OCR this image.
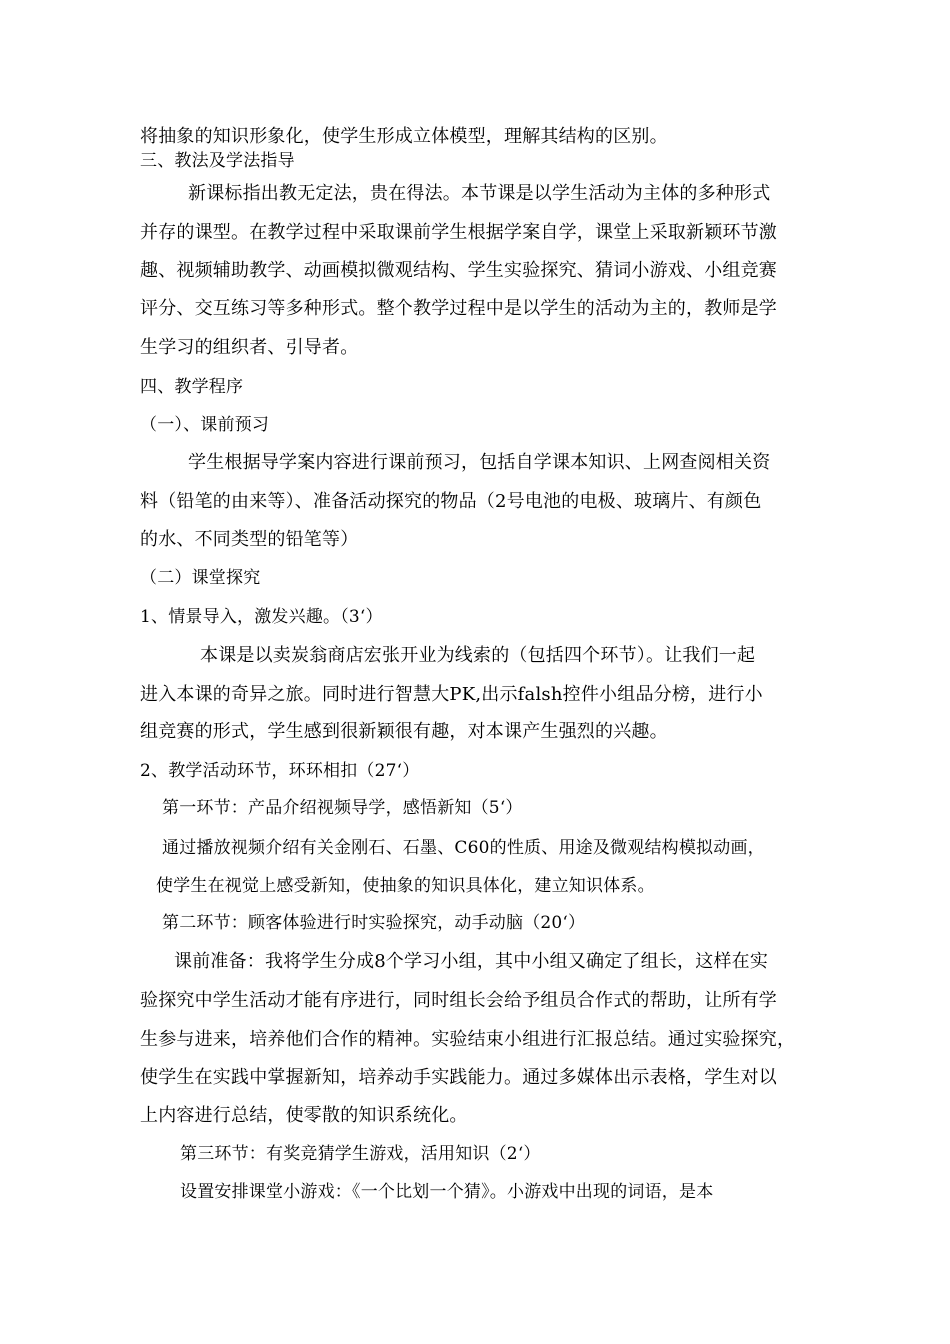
将抽象的知识形象化，使学生形成立体模型，理解其结构的区别。
三、教法及学法指导
新课标指出教无定法，贵在得法。本节课是以学生活动为主体的多种形式
并存的课型。在教学过程中采取课前学生根据学案自学，课堂上采取新颖环节激
趣、视频辅助教学、动画模拟微观结构、学生实验探究、猜词小游戏、小组竞赛
评分、交互练习等多种形式。整个教学过程中是以学生的活动为主的，教师是学
生学习的组织者、引导者。
四、教学程序
（一）、课前预习
学生根据导学案内容进行课前预习，包括自学课本知识、上网查阅相关资
料（铅笔的由来等）、准备活动探究的物品（2号电池的电极、玻璃片、有颜色
的水、不同类型的铅笔等）
（二）课堂探究
1、情景导入，激发兴趣。（3‘）
本课是以卖炭翁商店宏张开业为线索的（包括四个环节）。让我们一起
进入本课的奇异之旅。同时进行智慧大PK,出示falsh控件小组品分榜，进行小
组竞赛的形式，学生感到很新颖很有趣，对本课产生强烈的兴趣。
2、教学活动环节，环环相扣（27‘）
第一环节：产品介绍视频导学，感悟新知（5‘）
通过播放视频介绍有关金刚石、石墨、C60的性质、用途及微观结构模拟动画，
使学生在视觉上感受新知，使抽象的知识具体化，建立知识体系。
第二环节：顾客体验进行时实验探究，动手动脑（20‘）
课前准备：我将学生分成8个学习小组，其中小组又确定了组长，这样在实
验探究中学生活动才能有序进行，同时组长会给予组员合作式的帮助，让所有学
生参与进来，培养他们合作的精神。实验结束小组进行汇报总结。通过实验探究，
使学生在实践中掌握新知，培养动手实践能力。通过多媒体出示表格，学生对以
上内容进行总结，使零散的知识系统化。
第三环节：有奖竞猜学生游戏，活用知识（2‘）
设置安排课堂小游戏：《一个比划一个猜》。小游戏中出现的词语，是本
